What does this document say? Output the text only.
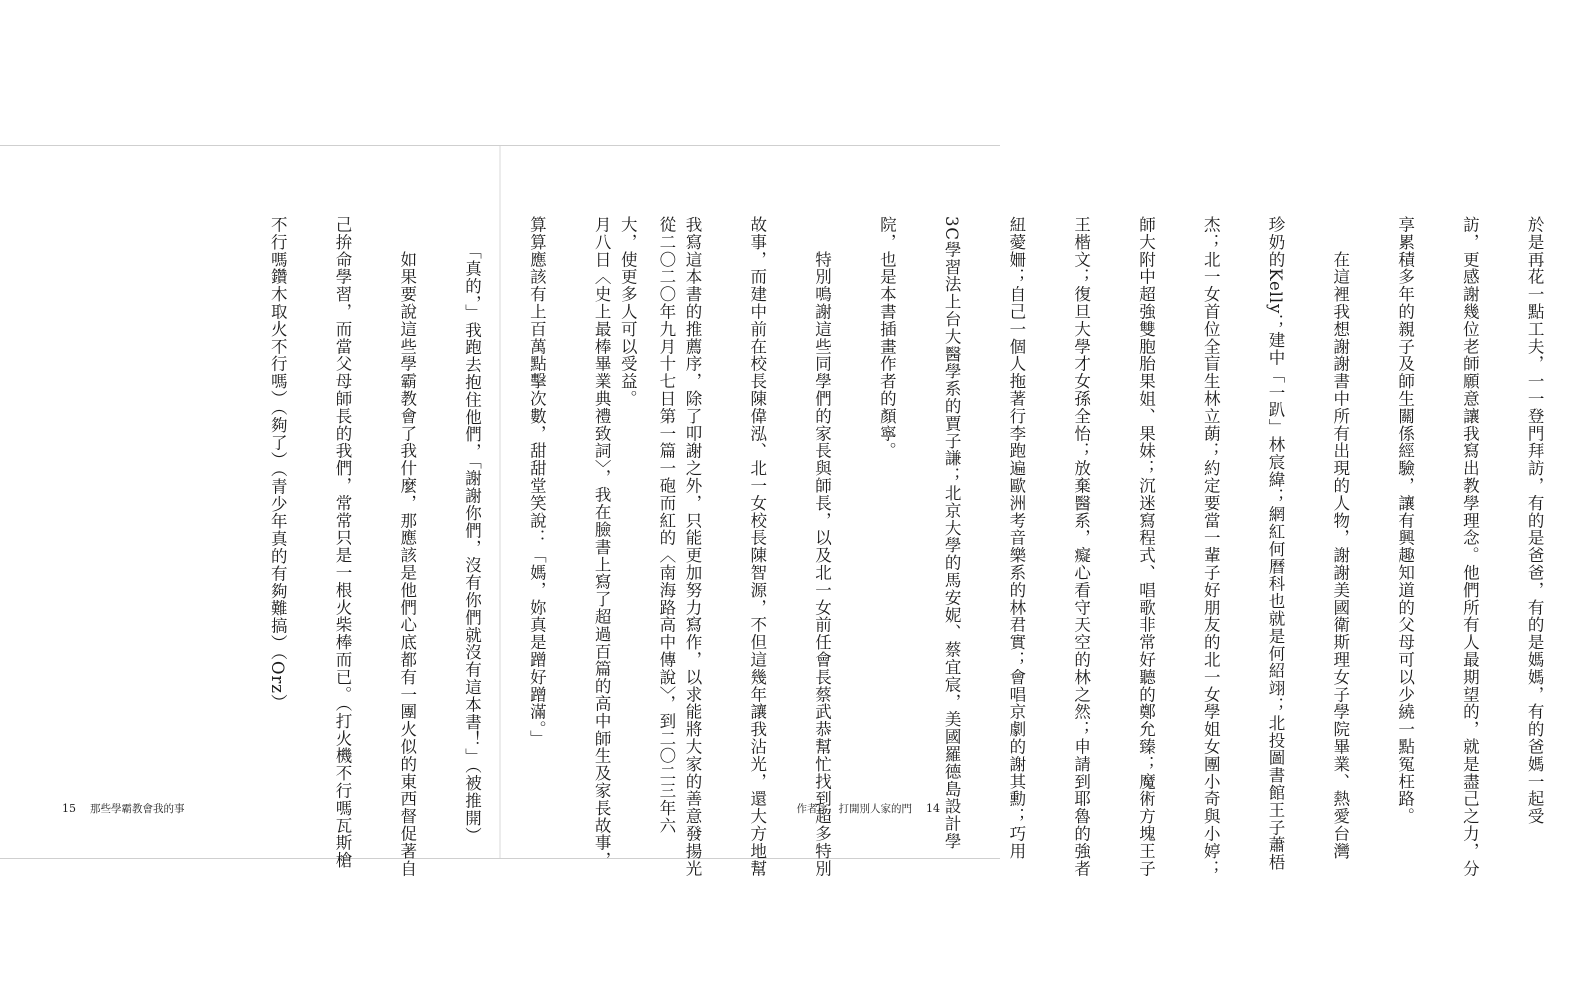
於是再花一點工夫，一一登門拜訪，有的是爸爸，有的是媽媽，有的爸媽一起受

訪，更感謝幾位老師願意讓我寫出教學理念。他們所有人最期望的，就是盡己之力，分

享累積多年的親子及師生關係經驗，讓有興趣知道的父母可以少繞一點冤枉路。

　　在這裡我想謝謝書中所有出現的人物，謝謝美國衛斯理女子學院畢業、熱愛台灣

珍奶的Kelly；建中「一趴」林宸緯；網紅何曆科也就是何紹翊；北投圖書館王子蕭梧

杰；北一女首位全盲生林立蓢；約定要當一輩子好朋友的北一女學姐女團小奇與小婷；

師大附中超強雙胞胎果姐、果妹；沉迷寫程式、唱歌非常好聽的鄭允臻；魔術方塊王子

王楷文；復旦大學才女孫全怡；放棄醫系，癡心看守天空的林之然；申請到耶魯的強者

紐薆姍；自己一個人拖著行李跑遍歐洲考音樂系的林君實；會唱京劇的謝其勳；巧用

3C學習法上台大醫學系的賈子謙；北京大學的馬安妮、蔡宜宸，美國羅德島設計學

院，也是本書插畫作者的顏寧。

　　特別鳴謝這些同學們的家長與師長，以及北一女前任會長蔡武恭幫忙找到超多特別

故事，而建中前在校長陳偉泓、北一女校長陳智源，不但這幾年讓我沾光，還大方地幫

我寫這本書的推薦序，除了叩謝之外，只能更加努力寫作，以求能將大家的善意發揚光

大，使更多人可以受益。

從二〇二〇年九月十七日第一篇一砲而紅的〈南海路高中傳說〉，到二〇二三年六

月八日〈史上最棒畢業典禮致詞〉，我在臉書上寫了超過百篇的高中師生及家長故事，

算算應該有上百萬點擊次數，甜甜堂笑說：「媽，妳真是蹭好蹭滿。」

　　「真的，」我跑去抱住他們，「謝謝你們，沒有你們就沒有這本書！」（被推開）

　　如果要說這些學霸教會了我什麼，那應該是他們心底都有一團火似的東西督促著自

己拚命學習，而當父母師長的我們，常常只是一根火柴棒而已。（打火機不行嗎瓦斯槍

不行嗎鑽木取火不行嗎）（夠了）（青少年真的有夠難搞）（Orz）

15 那些學霸教會我的事	作者序．打開別人家的門 14
